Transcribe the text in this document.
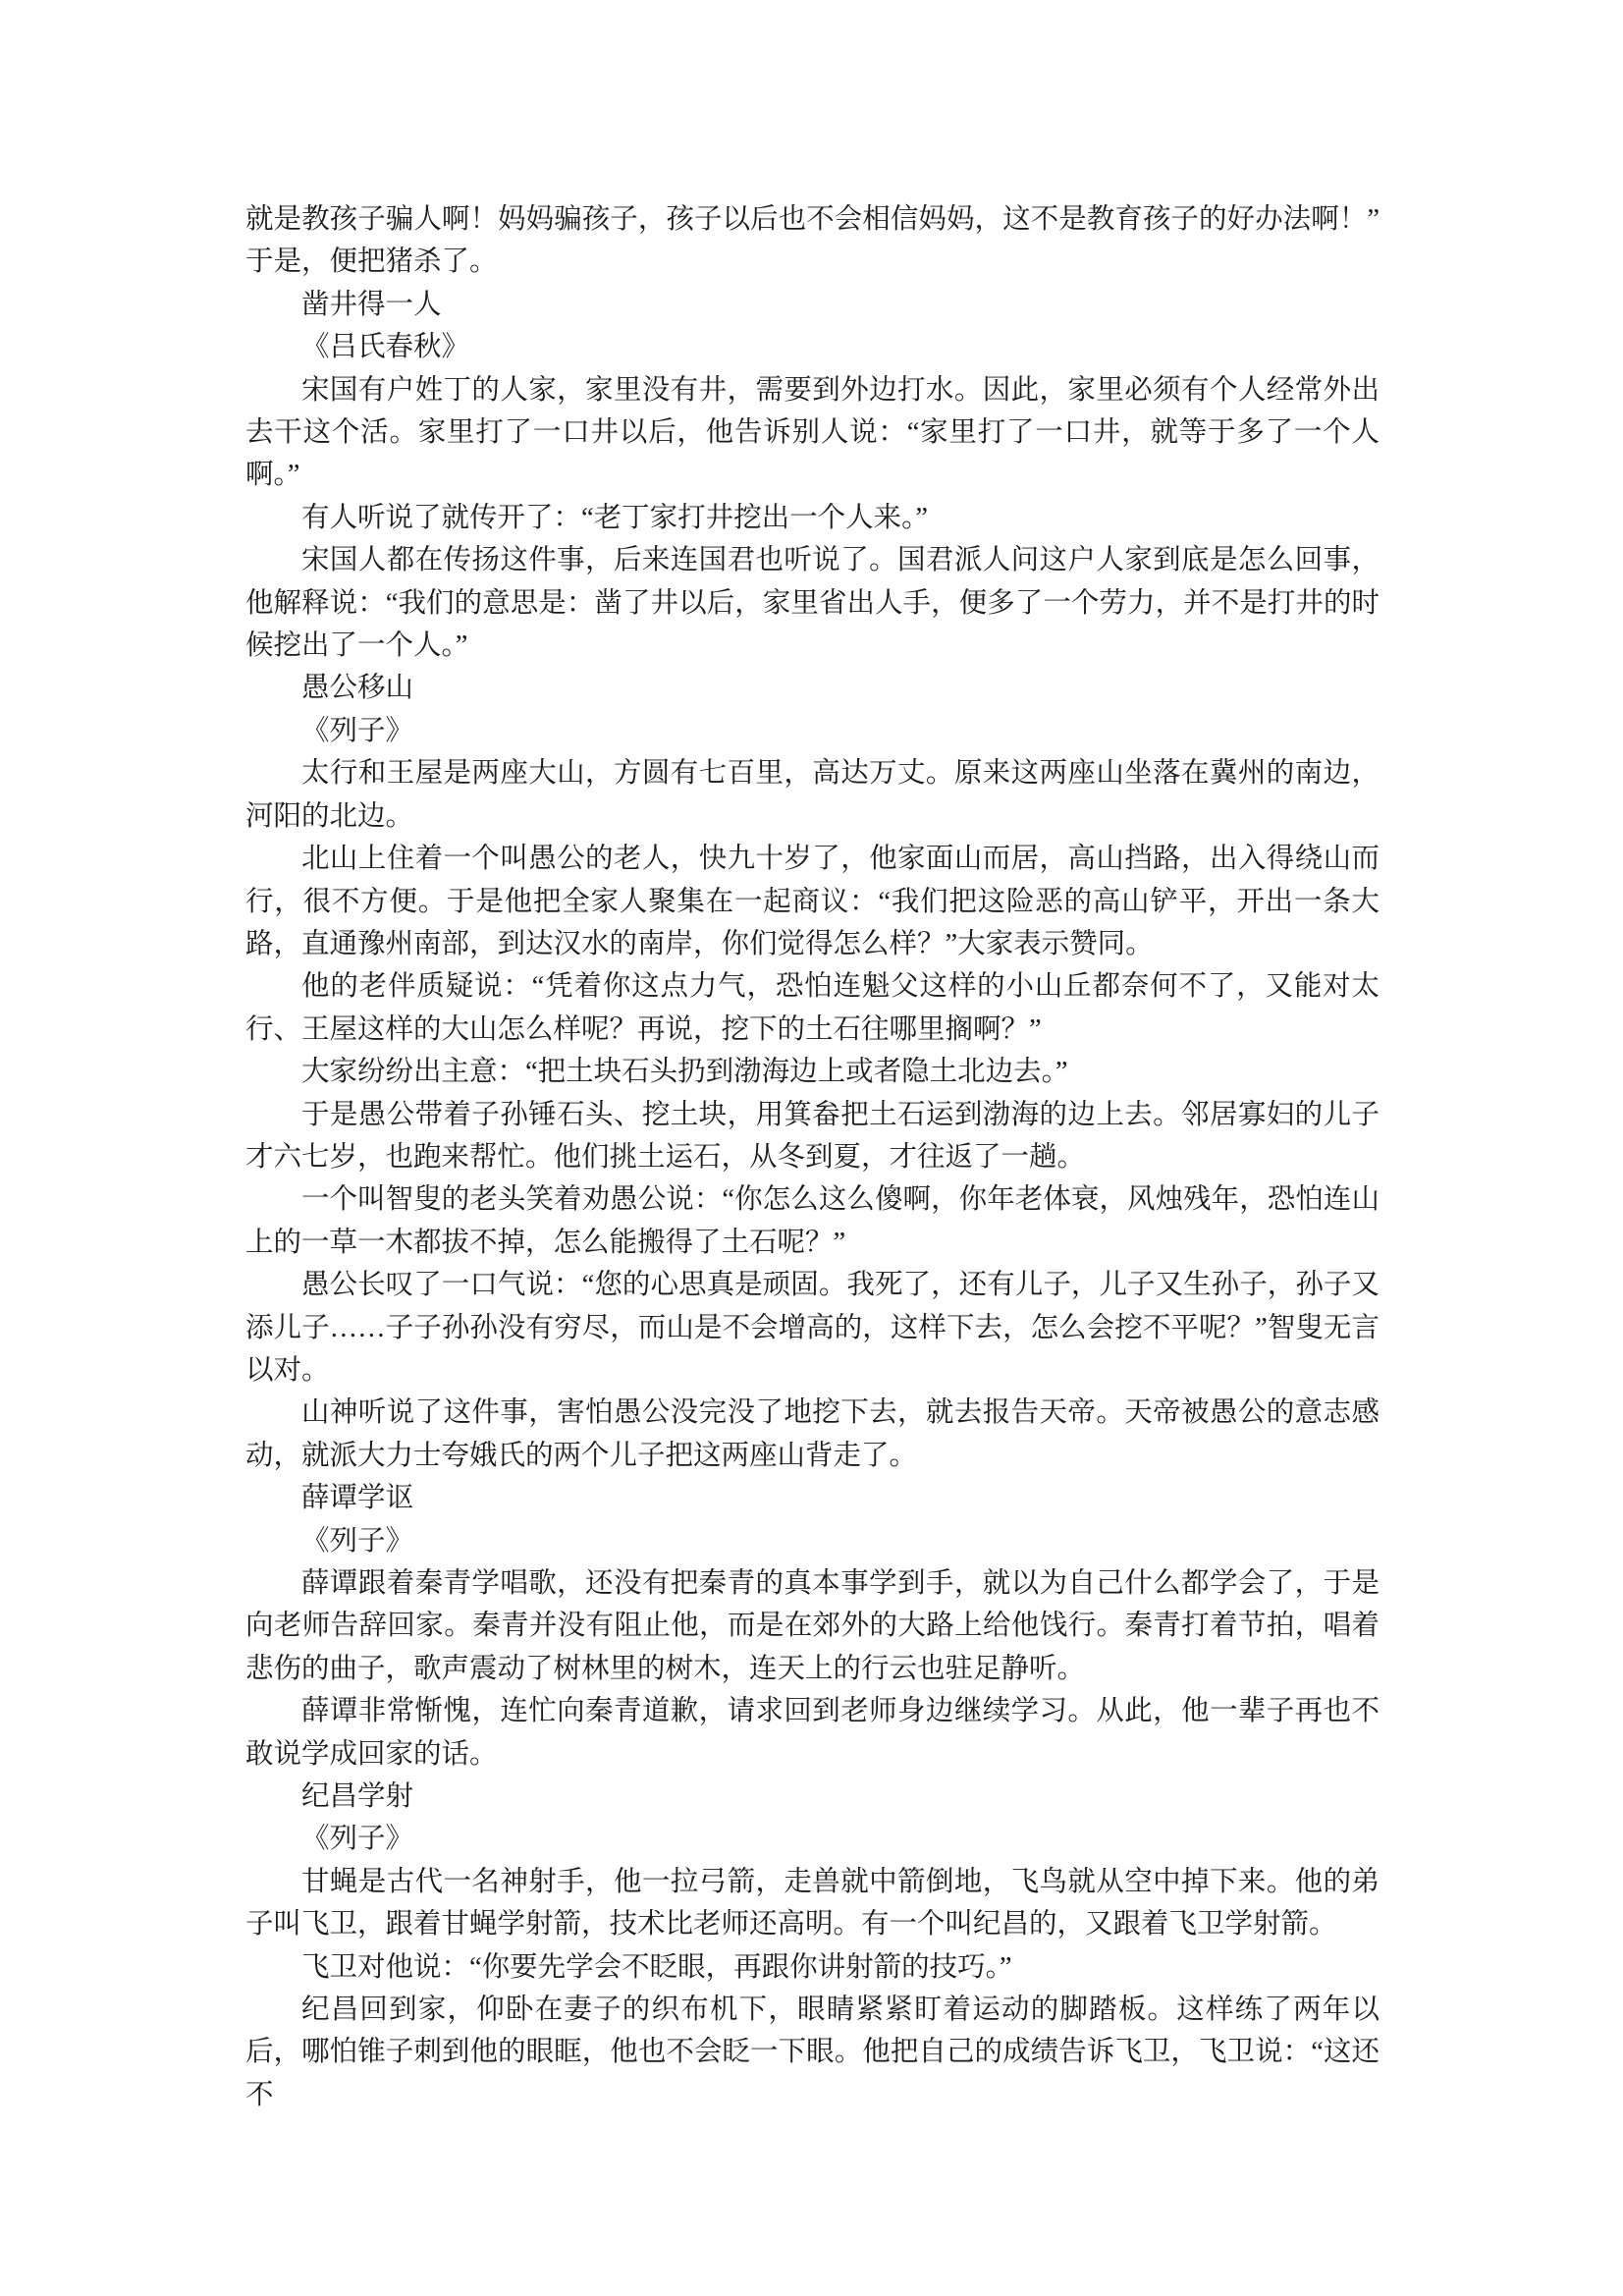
就是教孩子骗人啊！妈妈骗孩子，孩子以后也不会相信妈妈，这不是教育孩子的好办法啊！”于是，便把猪杀了。

凿井得一人

《吕氏春秋》

宋国有户姓丁的人家，家里没有井，需要到外边打水。因此，家里必须有个人经常外出去干这个活。家里打了一口井以后，他告诉别人说：“家里打了一口井，就等于多了一个人啊。”

有人听说了就传开了：“老丁家打井挖出一个人来。”

宋国人都在传扬这件事，后来连国君也听说了。国君派人问这户人家到底是怎么回事，他解释说：“我们的意思是：凿了井以后，家里省出人手，便多了一个劳力，并不是打井的时候挖出了一个人。”

愚公移山

《列子》

太行和王屋是两座大山，方圆有七百里，高达万丈。原来这两座山坐落在冀州的南边，河阳的北边。

北山上住着一个叫愚公的老人，快九十岁了，他家面山而居，高山挡路，出入得绕山而行，很不方便。于是他把全家人聚集在一起商议：“我们把这险恶的高山铲平，开出一条大路，直通豫州南部，到达汉水的南岸，你们觉得怎么样？”大家表示赞同。

他的老伴质疑说：“凭着你这点力气，恐怕连魁父这样的小山丘都奈何不了，又能对太行、王屋这样的大山怎么样呢？再说，挖下的土石往哪里搁啊？”

大家纷纷出主意：“把土块石头扔到渤海边上或者隐土北边去。”

于是愚公带着子孙锤石头、挖土块，用箕畚把土石运到渤海的边上去。邻居寡妇的儿子才六七岁，也跑来帮忙。他们挑土运石，从冬到夏，才往返了一趟。

一个叫智叟的老头笑着劝愚公说：“你怎么这么傻啊，你年老体衰，风烛残年，恐怕连山上的一草一木都拔不掉，怎么能搬得了土石呢？”

愚公长叹了一口气说：“您的心思真是顽固。我死了，还有儿子，儿子又生孙子，孙子又添儿子……子子孙孙没有穷尽，而山是不会增高的，这样下去，怎么会挖不平呢？”智叟无言以对。

山神听说了这件事，害怕愚公没完没了地挖下去，就去报告天帝。天帝被愚公的意志感动，就派大力士夸娥氏的两个儿子把这两座山背走了。

薛谭学讴

《列子》

薛谭跟着秦青学唱歌，还没有把秦青的真本事学到手，就以为自己什么都学会了，于是向老师告辞回家。秦青并没有阻止他，而是在郊外的大路上给他饯行。秦青打着节拍，唱着悲伤的曲子，歌声震动了树林里的树木，连天上的行云也驻足静听。

薛谭非常惭愧，连忙向秦青道歉，请求回到老师身边继续学习。从此，他一辈子再也不敢说学成回家的话。

纪昌学射

《列子》

甘蝇是古代一名神射手，他一拉弓箭，走兽就中箭倒地，飞鸟就从空中掉下来。他的弟子叫飞卫，跟着甘蝇学射箭，技术比老师还高明。有一个叫纪昌的，又跟着飞卫学射箭。

飞卫对他说：“你要先学会不眨眼，再跟你讲射箭的技巧。”

纪昌回到家，仰卧在妻子的织布机下，眼睛紧紧盯着运动的脚踏板。这样练了两年以后，哪怕锥子刺到他的眼眶，他也不会眨一下眼。他把自己的成绩告诉飞卫，飞卫说：“这还不
